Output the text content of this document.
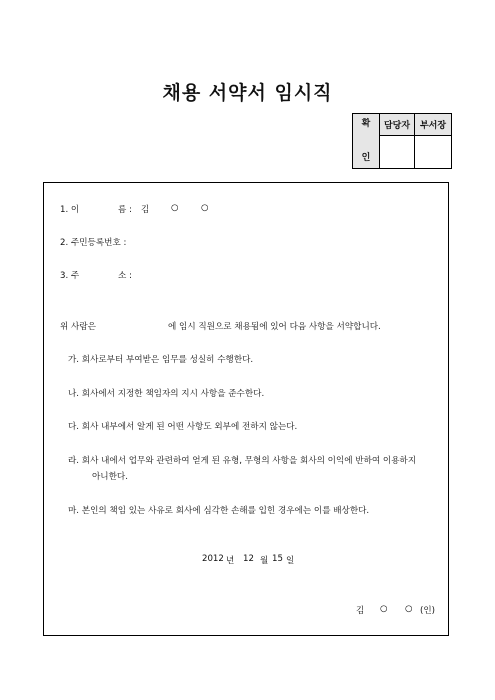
채용 서약서 임시직
확
인	담당자	부서장

1. 이	름 : 김	○	○
2. 주민등록번호 :
3. 주	소 :
위 사람은	에 임시 직원으로 채용됨에 있어 다음 사항을 서약합니다.
가. 회사로부터 부여받은 임무를 성실히 수행한다.
나. 회사에서 지정한 책임자의 지시 사항을 준수한다.
다. 회사 내부에서 알게 된 어떤 사항도 외부에 전하지 않는다.
라. 회사 내에서 업무와 관련하여 얻게 된 유형, 무형의 사항을 회사의 이익에 반하여 이용하지
아니한다.
마. 본인의 책임 있는 사유로 회사에 심각한 손해를 입힌 경우에는 이를 배상한다.
2012 년 12 월 15 일
김 ○ ○ (인)
